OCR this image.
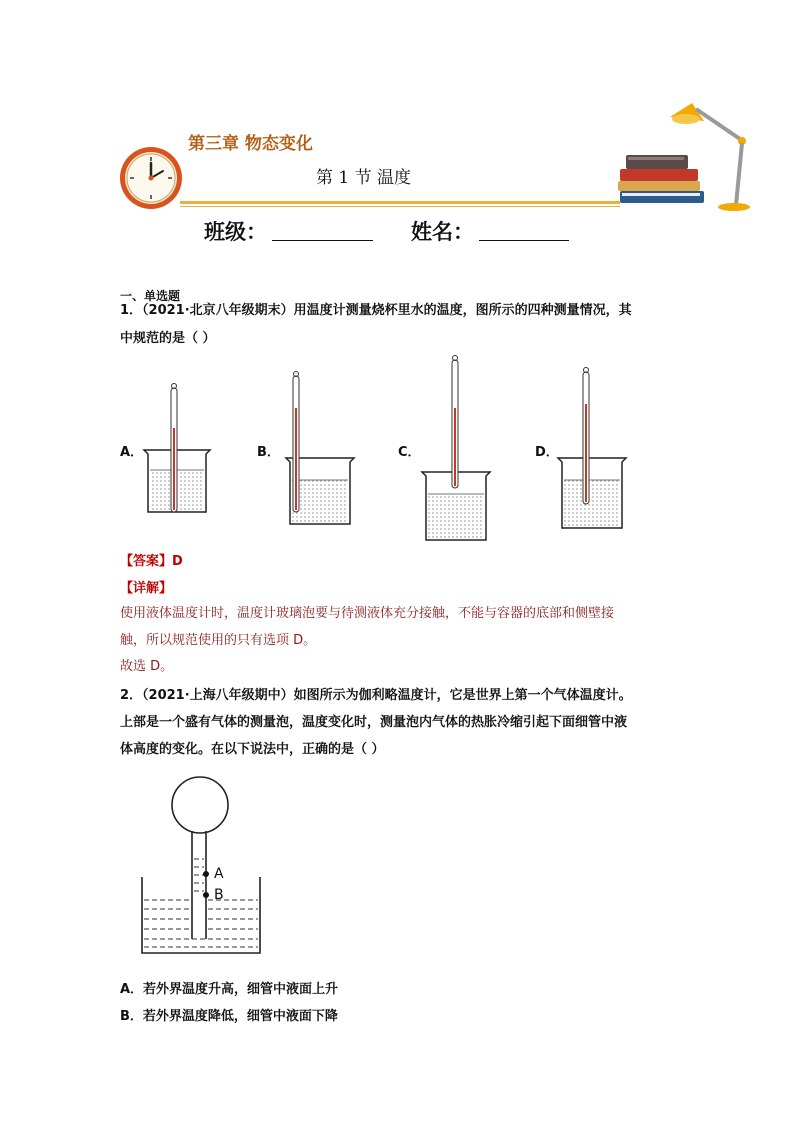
第三章 物态变化
第 1 节 温度
班级：	姓名：
一、单选题
1．（2021·北京八年级期末）用温度计测量烧杯里水的温度，图所示的四种测量情况，其
中规范的是（ ）
A．	B．	C．	D．
【答案】D
【详解】
使用液体温度计时，温度计玻璃泡要与待测液体充分接触，不能与容器的底部和侧壁接
触，所以规范使用的只有选项 D。
故选 D。
2．（2021·上海八年级期中）如图所示为伽利略温度计，它是世界上第一个气体温度计。
上部是一个盛有气体的测量泡，温度变化时，测量泡内气体的热胀冷缩引起下面细管中液
体高度的变化。在以下说法中，正确的是（ ）
A
B
A．若外界温度升高，细管中液面上升
B．若外界温度降低，细管中液面下降
